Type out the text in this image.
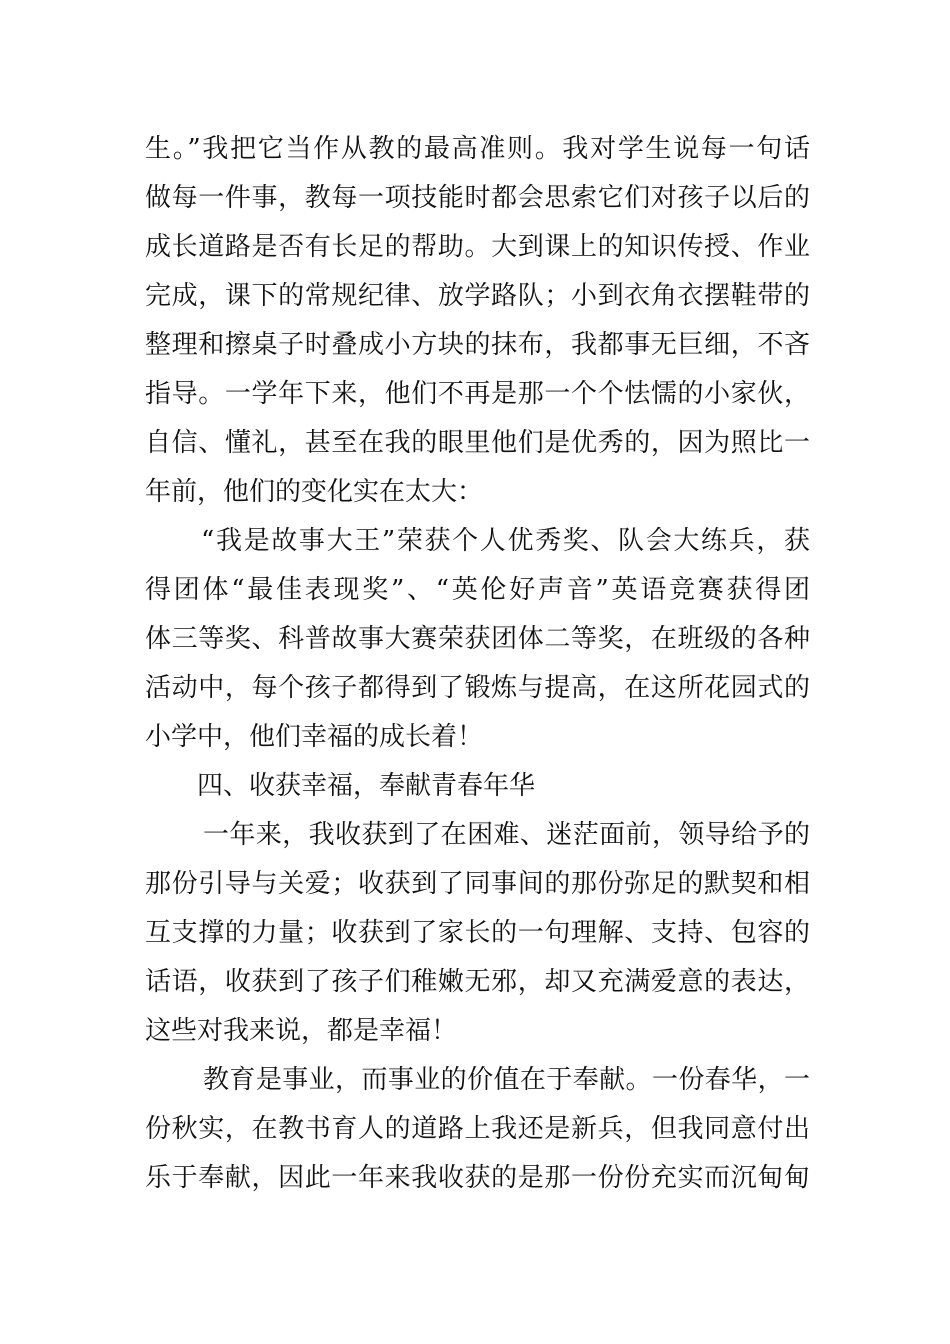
生。”我把它当作从教的最高准则。我对学生说每一句话
做每一件事，教每一项技能时都会思索它们对孩子以后的
成长道路是否有长足的帮助。大到课上的知识传授、作业
完成，课下的常规纪律、放学路队；小到衣角衣摆鞋带的
整理和擦桌子时叠成小方块的抹布，我都事无巨细，不吝
指导。一学年下来，他们不再是那一个个怯懦的小家伙，
自信、懂礼，甚至在我的眼里他们是优秀的，因为照比一
年前，他们的变化实在太大：
“我是故事大王”荣获个人优秀奖、队会大练兵，获
得团体“最佳表现奖”、“英伦好声音”英语竞赛获得团
体三等奖、科普故事大赛荣获团体二等奖，在班级的各种
活动中，每个孩子都得到了锻炼与提高，在这所花园式的
小学中，他们幸福的成长着！
四、收获幸福，奉献青春年华
一年来，我收获到了在困难、迷茫面前，领导给予的
那份引导与关爱；收获到了同事间的那份弥足的默契和相
互支撑的力量；收获到了家长的一句理解、支持、包容的
话语，收获到了孩子们稚嫩无邪，却又充满爱意的表达，
这些对我来说，都是幸福！
教育是事业，而事业的价值在于奉献。一份春华，一
份秋实，在教书育人的道路上我还是新兵，但我同意付出
乐于奉献，因此一年来我收获的是那一份份充实而沉甸甸
